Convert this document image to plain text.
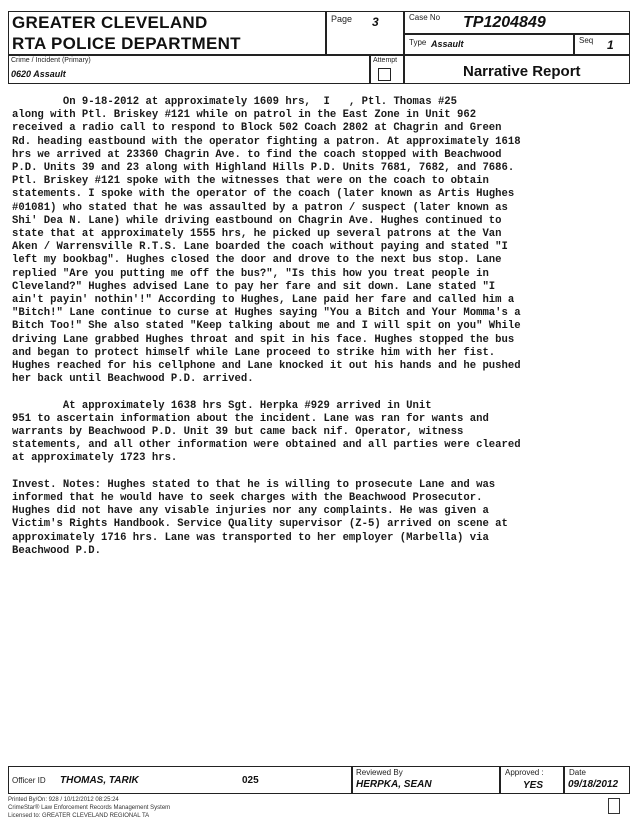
GREATER CLEVELAND
RTA POLICE DEPARTMENT
Page 3	Case No TP1204849
Type Assault	Seq 1
Crime / Incident (Primary)
0620 Assault
Attempt
Narrative Report

On 9-18-2012 at approximately 1609 hrs,  I   , Ptl. Thomas #25
along with Ptl. Briskey #121 while on patrol in the East Zone in Unit 962
received a radio call to respond to Block 502 Coach 2802 at Chagrin and Green
Rd. heading eastbound with the operator fighting a patron. At approximately 1618
hrs we arrived at 23360 Chagrin Ave. to find the coach stopped with Beachwood
P.D. Units 39 and 23 along with Highland Hills P.D. Units 7681, 7682, and 7686.
Ptl. Briskey #121 spoke with the witnesses that were on the coach to obtain
statements. I spoke with the operator of the coach (later known as Artis Hughes
#01081) who stated that he was assaulted by a patron / suspect (later known as
Shi' Dea N. Lane) while driving eastbound on Chagrin Ave. Hughes continued to
state that at approximately 1555 hrs, he picked up several patrons at the Van
Aken / Warrensville R.T.S. Lane boarded the coach without paying and stated "I
left my bookbag". Hughes closed the door and drove to the next bus stop. Lane
replied "Are you putting me off the bus?", "Is this how you treat people in
Cleveland?" Hughes advised Lane to pay her fare and sit down. Lane stated "I
ain't payin' nothin'!" According to Hughes, Lane paid her fare and called him a
"Bitch!" Lane continue to curse at Hughes saying "You a Bitch and Your Momma's a
Bitch Too!" She also stated "Keep talking about me and I will spit on you" While
driving Lane grabbed Hughes throat and spit in his face. Hughes stopped the bus
and began to protect himself while Lane proceed to strike him with her fist.
Hughes reached for his cellphone and Lane knocked it out his hands and he pushed
her back until Beachwood P.D. arrived.

At approximately 1638 hrs Sgt. Herpka #929 arrived in Unit
951 to ascertain information about the incident. Lane was ran for wants and
warrants by Beachwood P.D. Unit 39 but came back nif. Operator, witness
statements, and all other information were obtained and all parties were cleared
at approximately 1723 hrs.

Invest. Notes: Hughes stated to that he is willing to prosecute Lane and was
informed that he would have to seek charges with the Beachwood Prosecutor.
Hughes did not have any visable injuries nor any complaints. He was given a
Victim's Rights Handbook. Service Quality supervisor (Z-5) arrived on scene at
approximately 1716 hrs. Lane was transported to her employer (Marbella) via
Beachwood P.D.

Officer ID THOMAS, TARIK	025
Reviewed By
HERPKA, SEAN
Approved :
YES
Date
09/18/2012
Printed By/On: 928 / 10/12/2012 08:25:24
CrimeStar® Law Enforcement Records Management System
Licensed to: GREATER CLEVELAND REGIONAL TA
